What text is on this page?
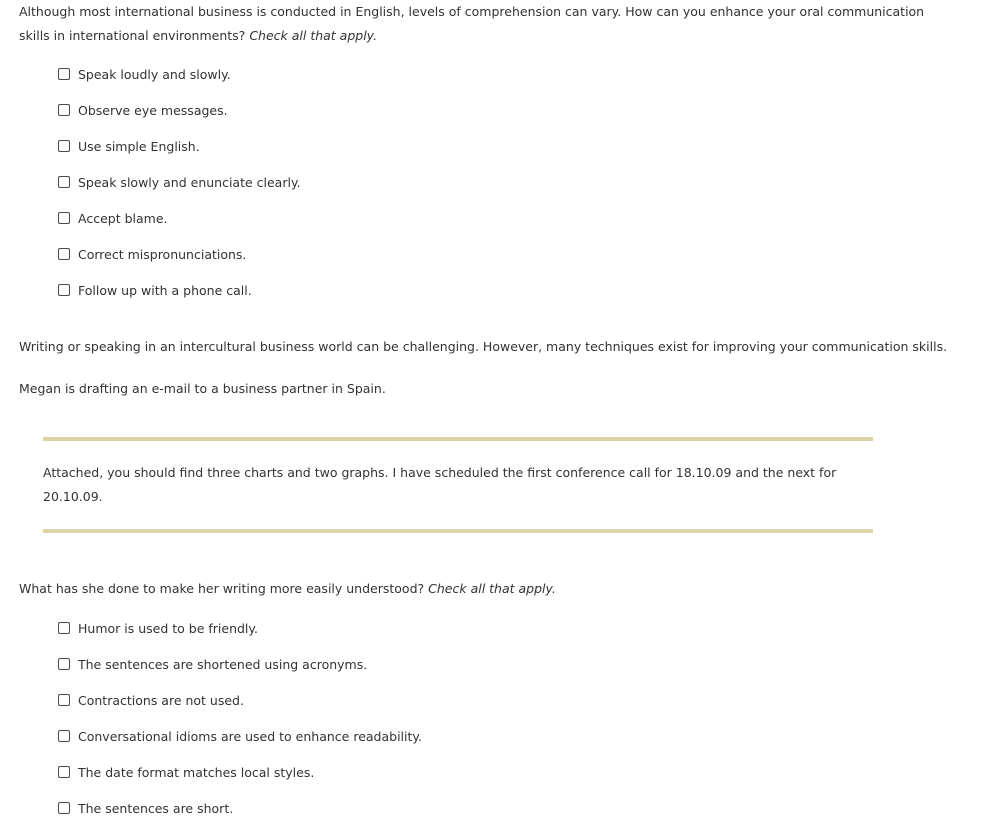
Although most international business is conducted in English, levels of comprehension can vary. How can you enhance your oral communication skills in international environments? Check all that apply.

Speak loudly and slowly.
Observe eye messages.
Use simple English.
Speak slowly and enunciate clearly.
Accept blame.
Correct mispronunciations.
Follow up with a phone call.

Writing or speaking in an intercultural business world can be challenging. However, many techniques exist for improving your communication skills.

Megan is drafting an e-mail to a business partner in Spain.

Attached, you should find three charts and two graphs. I have scheduled the first conference call for 18.10.09 and the next for 20.10.09.

What has she done to make her writing more easily understood? Check all that apply.

Humor is used to be friendly.
The sentences are shortened using acronyms.
Contractions are not used.
Conversational idioms are used to enhance readability.
The date format matches local styles.
The sentences are short.
